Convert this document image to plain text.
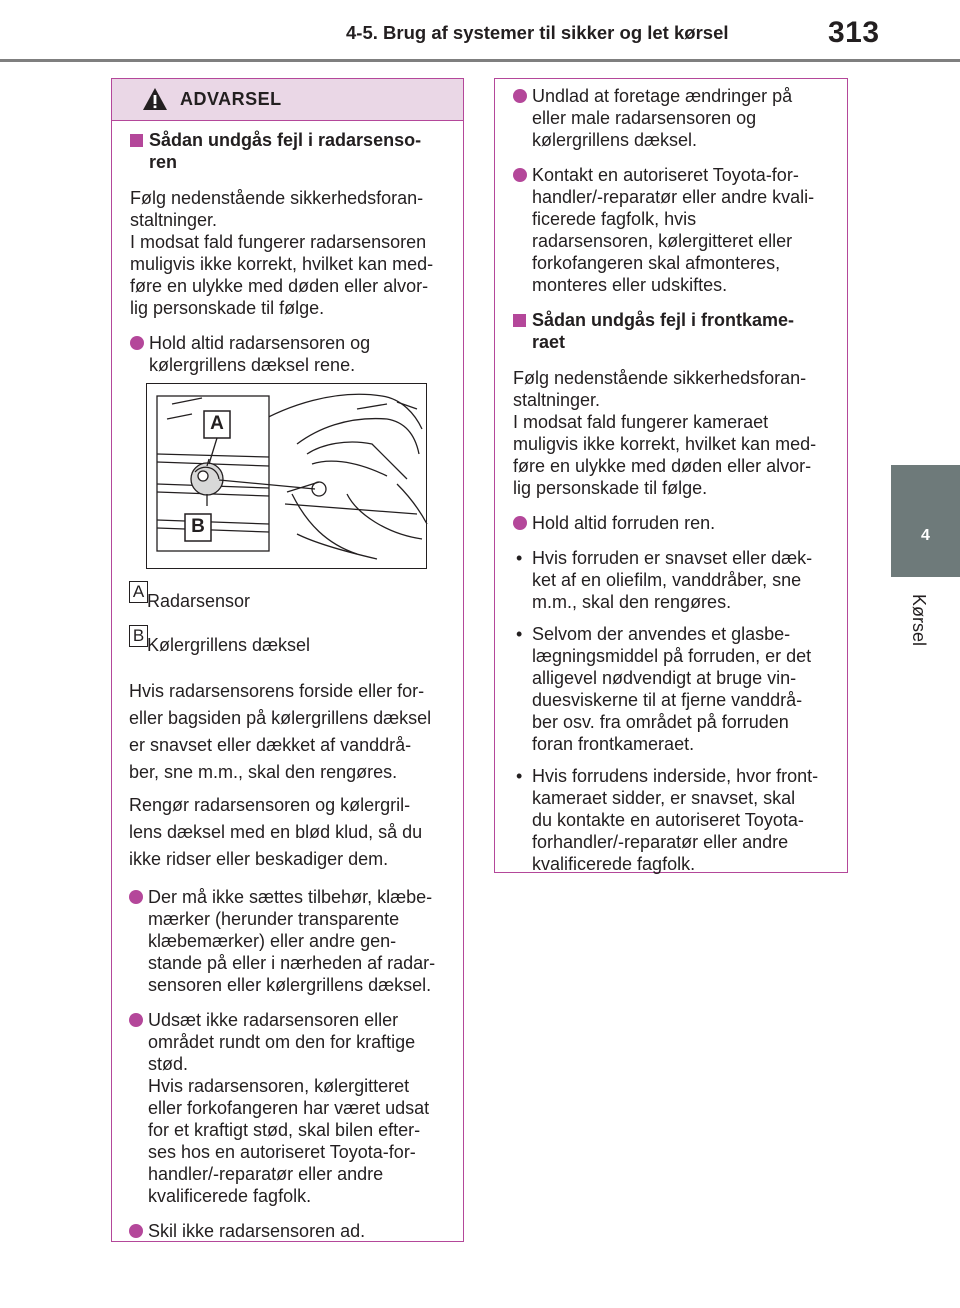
4-5. Brug af systemer til sikker og let kørsel	313
4
Kørsel
ADVARSEL
Sådan undgås fejl i radarsenso-
ren
Følg nedenstående sikkerhedsforan-
staltninger.
I modsat fald fungerer radarsensoren
muligvis ikke korrekt, hvilket kan med-
føre en ulykke med døden eller alvor-
lig personskade til følge.
Hold altid radarsensoren og
kølergrillens dæksel rene.
A
B
A Radarsensor
B Kølergrillens dæksel

Hvis radarsensorens forside eller for-

eller bagsiden på kølergrillens dæksel

er snavset eller dækket af vanddrå-

ber, sne m.m., skal den rengøres.

Rengør radarsensoren og kølergril-

lens dæksel med en blød klud, så du

ikke ridser eller beskadiger dem.

Der må ikke sættes tilbehør, klæbe-
mærker (herunder transparente
klæbemærker) eller andre gen-
stande på eller i nærheden af radar-
sensoren eller kølergrillens dæksel.
Udsæt ikke radarsensoren eller
området rundt om den for kraftige
stød.
Hvis radarsensoren, kølergitteret
eller forkofangeren har været udsat
for et kraftigt stød, skal bilen efter-
ses hos en autoriseret Toyota-for-
handler/-reparatør eller andre
kvalificerede fagfolk.
Skil ikke radarsensoren ad.
Undlad at foretage ændringer på
eller male radarsensoren og
kølergrillens dæksel.
Kontakt en autoriseret Toyota-for-
handler/-reparatør eller andre kvali-
ficerede fagfolk, hvis
radarsensoren, kølergitteret eller
forkofangeren skal afmonteres,
monteres eller udskiftes.
Sådan undgås fejl i frontkame-
raet
Følg nedenstående sikkerhedsforan-
staltninger.
I modsat fald fungerer kameraet
muligvis ikke korrekt, hvilket kan med-
føre en ulykke med døden eller alvor-
lig personskade til følge.
Hold altid forruden ren.
• Hvis forruden er snavset eller dæk-
ket af en oliefilm, vanddråber, sne
m.m., skal den rengøres.
• Selvom der anvendes et glasbe-
lægningsmiddel på forruden, er det
alligevel nødvendigt at bruge vin-
duesviskerne til at fjerne vanddrå-
ber osv. fra området på forruden
foran frontkameraet.
• Hvis forrudens inderside, hvor front-
kameraet sidder, er snavset, skal
du kontakte en autoriseret Toyota-
forhandler/-reparatør eller andre
kvalificerede fagfolk.
